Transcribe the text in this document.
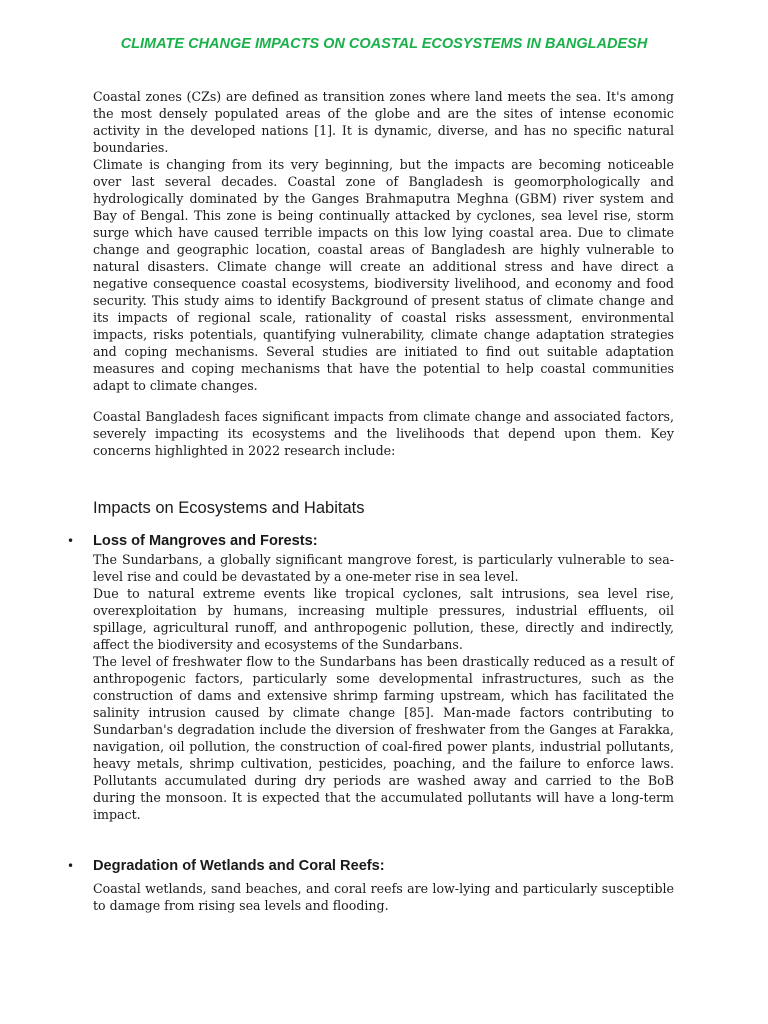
CLIMATE CHANGE IMPACTS ON COASTAL ECOSYSTEMS IN BANGLADESH

Coastal zones (CZs) are defined as transition zones where land meets the sea. It's among the most densely populated areas of the globe and are the sites of intense economic activity in the developed nations [1]. It is dynamic, diverse, and has no specific natural boundaries.

Climate is changing from its very beginning, but the impacts are becoming noticeable over last several decades. Coastal zone of Bangladesh is geomorphologically and hydrologically dominated by the Ganges Brahmaputra Meghna (GBM) river system and Bay of Bengal. This zone is being continually attacked by cyclones, sea level rise, storm surge which have caused terrible impacts on this low lying coastal area. Due to climate change and geographic location, coastal areas of Bangladesh are highly vulnerable to natural disasters. Climate change will create an additional stress and have direct a negative consequence coastal ecosystems, biodiversity livelihood, and economy and food security. This study aims to identify Background of present status of climate change and its impacts of regional scale, rationality of coastal risks assessment, environmental impacts, risks potentials, quantifying vulnerability, climate change adaptation strategies and coping mechanisms. Several studies are initiated to find out suitable adaptation measures and coping mechanisms that have the potential to help coastal communities adapt to climate changes.

Coastal Bangladesh faces significant impacts from climate change and associated factors, severely impacting its ecosystems and the livelihoods that depend upon them. Key concerns highlighted in 2022 research include:

Impacts on Ecosystems and Habitats
• Loss of Mangroves and Forests:

The Sundarbans, a globally significant mangrove forest, is particularly vulnerable to sea-level rise and could be devastated by a one-meter rise in sea level.

Due to natural extreme events like tropical cyclones, salt intrusions, sea level rise, overexploitation by humans, increasing multiple pressures, industrial effluents, oil spillage, agricultural runoff, and anthropogenic pollution, these, directly and indirectly, affect the biodiversity and ecosystems of the Sundarbans.

The level of freshwater flow to the Sundarbans has been drastically reduced as a result of anthropogenic factors, particularly some developmental infrastructures, such as the construction of dams and extensive shrimp farming upstream, which has facilitated the salinity intrusion caused by climate change [85]. Man-made factors contributing to Sundarban's degradation include the diversion of freshwater from the Ganges at Farakka, navigation, oil pollution, the construction of coal-fired power plants, industrial pollutants, heavy metals, shrimp cultivation, pesticides, poaching, and the failure to enforce laws. Pollutants accumulated during dry periods are washed away and carried to the BoB during the monsoon. It is expected that the accumulated pollutants will have a long-term impact.

• Degradation of Wetlands and Coral Reefs:

Coastal wetlands, sand beaches, and coral reefs are low-lying and particularly susceptible to damage from rising sea levels and flooding.
